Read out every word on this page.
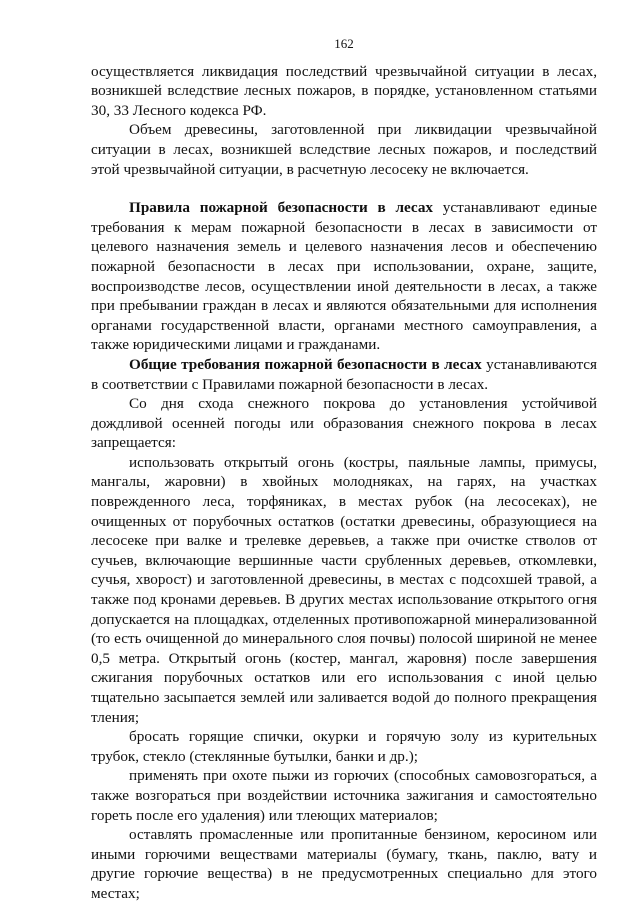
162

осуществляется ликвидация последствий чрезвычайной ситуации в лесах, возникшей вследствие лесных пожаров, в порядке, установленном статьями 30, 33 Лесного кодекса РФ.

Объем древесины, заготовленной при ликвидации чрезвычайной ситуации в лесах, возникшей вследствие лесных пожаров, и последствий этой чрезвычайной ситуации, в расчетную лесосеку не включается.

Правила пожарной безопасности в лесах устанавливают единые требования к мерам пожарной безопасности в лесах в зависимости от целевого назначения земель и целевого назначения лесов и обеспечению пожарной безопасности в лесах при использовании, охране, защите, воспроизводстве лесов, осуществлении иной деятельности в лесах, а также при пребывании граждан в лесах и являются обязательными для исполнения органами государственной власти, органами местного самоуправления, а также юридическими лицами и гражданами.

Общие требования пожарной безопасности в лесах устанавливаются в соответствии с Правилами пожарной безопасности в лесах.

Со дня схода снежного покрова до установления устойчивой дождливой осенней погоды или образования снежного покрова в лесах запрещается:

использовать открытый огонь (костры, паяльные лампы, примусы, мангалы, жаровни) в хвойных молодняках, на гарях, на участках поврежденного леса, торфяниках, в местах рубок (на лесосеках), не очищенных от порубочных остатков (остатки древесины, образующиеся на лесосеке при валке и трелевке деревьев, а также при очистке стволов от сучьев, включающие вершинные части срубленных деревьев, откомлевки, сучья, хворост) и заготовленной древесины, в местах с подсохшей травой, а также под кронами деревьев. В других местах использование открытого огня допускается на площадках, отделенных противопожарной минерализованной (то есть очищенной до минерального слоя почвы) полосой шириной не менее 0,5 метра. Открытый огонь (костер, мангал, жаровня) после завершения сжигания порубочных остатков или его использования с иной целью тщательно засыпается землей или заливается водой до полного прекращения тления;

бросать горящие спички, окурки и горячую золу из курительных трубок, стекло (стеклянные бутылки, банки и др.);

применять при охоте пыжи из горючих (способных самовозгораться, а также возгораться при воздействии источника зажигания и самостоятельно гореть после его удаления) или тлеющих материалов;

оставлять промасленные или пропитанные бензином, керосином или иными горючими веществами материалы (бумагу, ткань, паклю, вату и другие горючие вещества) в не предусмотренных специально для этого местах;
